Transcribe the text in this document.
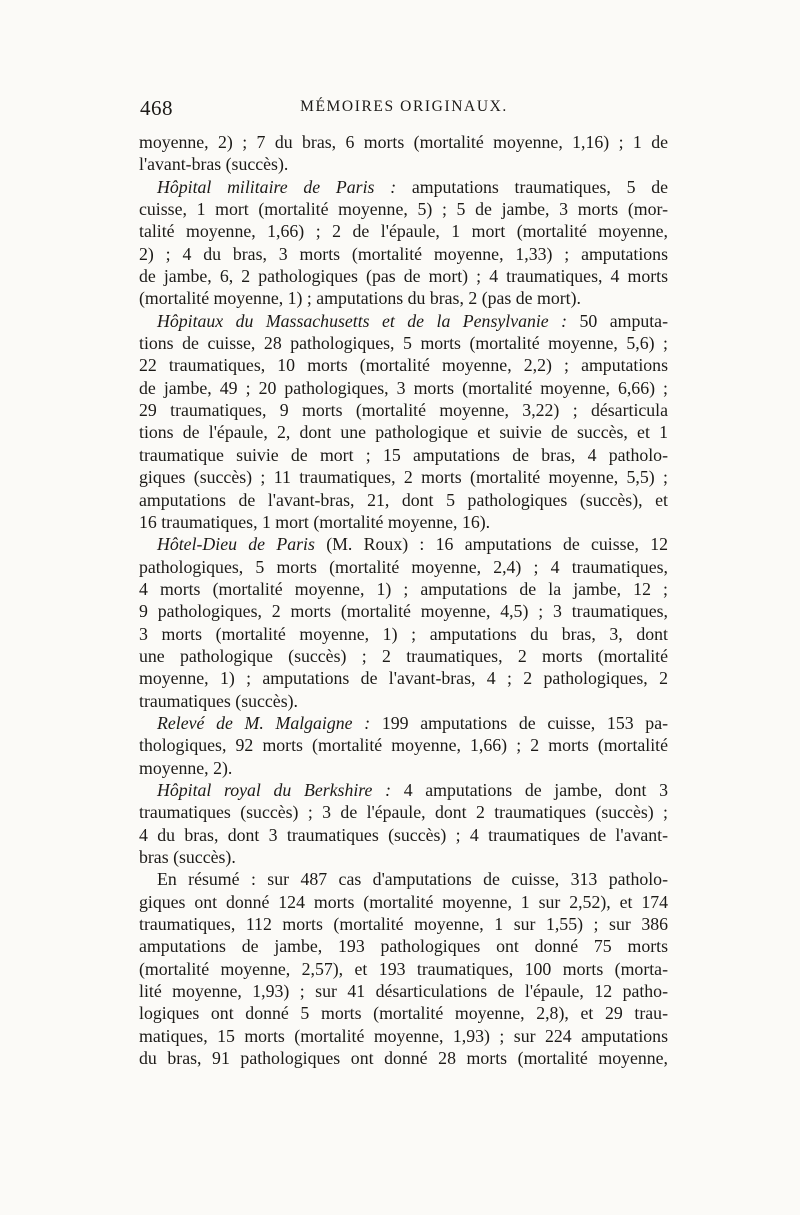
468	MÉMOIRES ORIGINAUX.
moyenne, 2) ; 7 du bras, 6 morts (mortalité moyenne, 1,16) ; 1 de
l'avant-bras (succès).
Hôpital militaire de Paris : amputations traumatiques, 5 de
cuisse, 1 mort (mortalité moyenne, 5) ; 5 de jambe, 3 morts (mor-
talité moyenne, 1,66) ; 2 de l'épaule, 1 mort (mortalité moyenne,
2) ; 4 du bras, 3 morts (mortalité moyenne, 1,33) ; amputations
de jambe, 6, 2 pathologiques (pas de mort) ; 4 traumatiques, 4 morts
(mortalité moyenne, 1) ; amputations du bras, 2 (pas de mort).
Hôpitaux du Massachusetts et de la Pensylvanie : 50 amputa-
tions de cuisse, 28 pathologiques, 5 morts (mortalité moyenne, 5,6) ;
22 traumatiques, 10 morts (mortalité moyenne, 2,2) ; amputations
de jambe, 49 ; 20 pathologiques, 3 morts (mortalité moyenne, 6,66) ;
29 traumatiques, 9 morts (mortalité moyenne, 3,22) ; désarticula
tions de l'épaule, 2, dont une pathologique et suivie de succès, et 1
traumatique suivie de mort ; 15 amputations de bras, 4 patholo-
giques (succès) ; 11 traumatiques, 2 morts (mortalité moyenne, 5,5) ;
amputations de l'avant-bras, 21, dont 5 pathologiques (succès), et
16 traumatiques, 1 mort (mortalité moyenne, 16).
Hôtel-Dieu de Paris (M. Roux) : 16 amputations de cuisse, 12
pathologiques, 5 morts (mortalité moyenne, 2,4) ; 4 traumatiques,
4 morts (mortalité moyenne, 1) ; amputations de la jambe, 12 ;
9 pathologiques, 2 morts (mortalité moyenne, 4,5) ; 3 traumatiques,
3 morts (mortalité moyenne, 1) ; amputations du bras, 3, dont
une pathologique (succès) ; 2 traumatiques, 2 morts (mortalité
moyenne, 1) ; amputations de l'avant-bras, 4 ; 2 pathologiques, 2
traumatiques (succès).
Relevé de M. Malgaigne : 199 amputations de cuisse, 153 pa-
thologiques, 92 morts (mortalité moyenne, 1,66) ; 2 morts (mortalité
moyenne, 2).
Hôpital royal du Berkshire : 4 amputations de jambe, dont 3
traumatiques (succès) ; 3 de l'épaule, dont 2 traumatiques (succès) ;
4 du bras, dont 3 traumatiques (succès) ; 4 traumatiques de l'avant-
bras (succès).
En résumé : sur 487 cas d'amputations de cuisse, 313 patholo-
giques ont donné 124 morts (mortalité moyenne, 1 sur 2,52), et 174
traumatiques, 112 morts (mortalité moyenne, 1 sur 1,55) ; sur 386
amputations de jambe, 193 pathologiques ont donné 75 morts
(mortalité moyenne, 2,57), et 193 traumatiques, 100 morts (morta-
lité moyenne, 1,93) ; sur 41 désarticulations de l'épaule, 12 patho-
logiques ont donné 5 morts (mortalité moyenne, 2,8), et 29 trau-
matiques, 15 morts (mortalité moyenne, 1,93) ; sur 224 amputations
du bras, 91 pathologiques ont donné 28 morts (mortalité moyenne,
